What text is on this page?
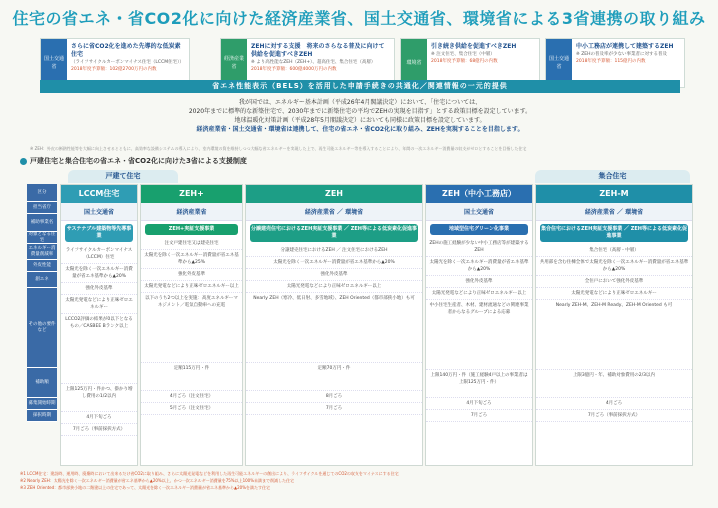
住宅の省エネ・省CO2化に向けた経済産業省、国土交通省、環境省による3省連携の取り組み
国土交通省
さらに省CO2化を進めた先導的な低炭素住宅
（ライフサイクルカーボンマイナス住宅（LCCM住宅））
2018年度予算額：102億2700万円の内数
経済産業省
ZEHに対する支援　将来のさらなる普及に向けて供給を促進すべきZEH
※ より高性能なZEH（ZEH+）、超高住宅、集合住宅（高層）
2018年度予算額：600億4000万円の内数
環境省
引き続き供給を促進すべきZEH
※ 注文住宅、集合住宅（中層）
2018年度予算額：68億円の内数	国土交通省
中小工務店が連携して建築するZEH
※ ZEHの普及率が少ない事業者に対する普及
2018年度予算額：115億円の内数
省エネ性能表示（BELS）を活用した申請手続きの共通化／関連情報の一元的提供
我が国では、エネルギー基本計画（平成26年4月閣議決定）において、「住宅については、
2020年までに標準的な新築住宅で、2030年までに新築住宅の平均でZEHの実現を目指す」とする政策目標を設定しています。
地球温暖化対策計画（平成28年5月閣議決定）においても同様に政策目標を設定しています。
経済産業省・国土交通省・環境省は連携して、住宅の省エネ・省CO2化に取り組み、ZEHを実現することを目指します。
※ ZEH：外皮の断熱性能等を大幅に向上させるとともに、高効率な設備システムの導入により、室内環境の質を維持しつつ大幅な省エネルギーを実現した上で、再生可能エネルギー等を導入することにより、年間の一次エネルギー消費量の収支がゼロとすることを目指した住宅
戸建住宅と集合住宅の省エネ・省CO2化に向けた3省による支援制度
戸建て住宅	集合住宅
区分
担当省庁
補助事業名
対象となる住宅
エネルギー消費量削減率
外皮性能
創エネ
その他の要件など
補助額
募集開始時期
採択時期
LCCM住宅
国土交通省
サステナブル建築物等先導事業
ライフサイクルカーボンマイナス（LCCM）住宅
太陽光を除く一次エネルギー消費量が省エネ基準から▲20%
強化外皮基準
太陽光発電などにより正味ゼロエネルギー
LCCO2評価の結果が0以下となるもの／CASBEE Bランク以上
上限125万円・件かつ、掛かり増し費用の1/2以内
4月下旬ごろ
7月ごろ（事前採択方式）
ZEH+
経済産業省
ZEH+実証支援事業
注文戸建住宅又は建売住宅
太陽光を除く一次エネルギー消費量が省エネ基準から▲25%
強化外皮基準
太陽光発電などにより正味ゼロエネルギー以上
以下のうち2つ以上を実施：高度エネルギーマネジメント／電気自動車への充電
定額115万円・件
4月ごろ（注文住宅）
5月ごろ（注文住宅）
ZEH
経済産業省 ／ 環境省
分譲建売住宅におけるZEH実証支援事業 ／ ZEH等による低炭素化促進事業
分譲建売住宅におけるZEH ／ 注文住宅におけるZEH
太陽光を除く一次エネルギー消費量が省エネ基準から▲20%
強化外皮基準
太陽光発電などにより正味ゼロエネルギー以上
Nearly ZEH（寒冷、低日射、多雪地域）、ZEH Oriented（都市部狭小地）も可
定額70万円・件
8月ごろ
7月ごろ
ZEH（中小工務店）
国土交通省
地域型住宅グリーン化事業
ZEHの施工経験が少ない中小工務店等が建築するZEH
太陽光を除く一次エネルギー消費量が省エネ基準から▲20%
強化外皮基準
太陽光発電などにより正味ゼロエネルギー以上
中小住宅生産者、木材、建材流通などの関連事業者からなるグループによる応募
上限140万円・件（施工経験4戸以上の事業者は上限125万円・件）
4月下旬ごろ
7月ごろ
ZEH-M
経済産業省 ／ 環境省
集合住宅におけるZEH実証支援事業 ／ ZEH等による低炭素化促進事業
集合住宅（高層・中層）
共用部を含む住棟全体で太陽光を除く一次エネルギー消費量が省エネ基準から▲20%
全住戸において強化外皮基準
太陽光発電などにより正味ゼロエネルギー
Nearly ZEH-M、ZEH-M Ready、ZEH-M Oriented も可
上限3億円・年、補助対象費用の2/3以内
4月ごろ
7月ごろ（事前採択方式）
※1 LCCM住宅：建設時、運用時、廃棄時において出来るだけ省CO2に取り組み、さらに太陽光発電などを利用した再生可能エネルギーの創出により、ライフサイクルを通じてのCO2の収支をマイナスにする住宅
※2 Nearly ZEH：太陽光を除く一次エネルギー消費量が省エネ基準から▲20%以上、かつ一次エネルギー消費量を75%以上100%未満まで削減した住宅
※3 ZEH Oriented：都市部狭小地の二階建以上の住宅であって、太陽光を除く一次エネルギー消費量が省エネ基準から▲20%を満たす住宅
